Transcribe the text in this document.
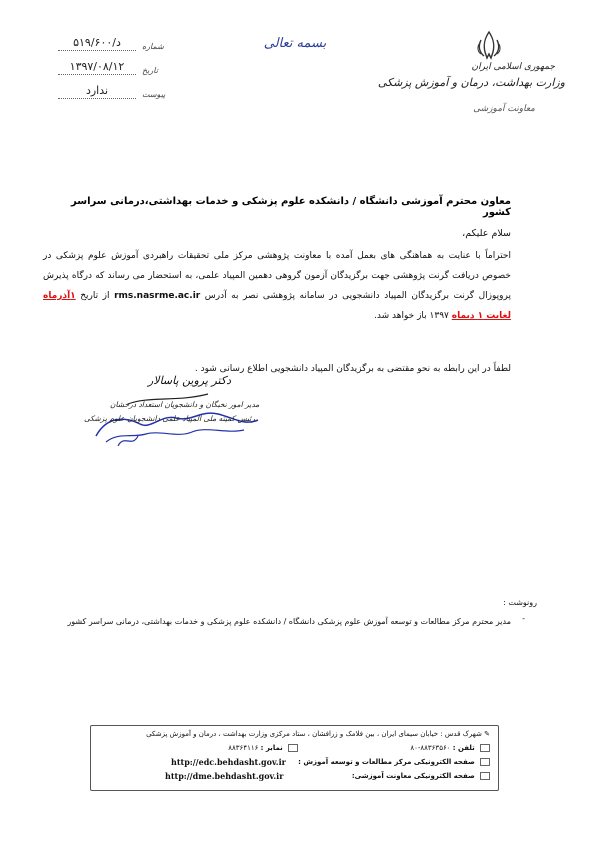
د/۵۱۹/۶۰۰	شماره
۱۳۹۷/۰۸/۱۲	تاریخ
ندارد	پیوست
بسمه تعالی
جمهوری اسلامی ایران
وزارت بهداشت، درمان و آموزش پزشکی
معاونت آموزشی
معاون محترم آموزشی دانشگاه / دانشکده علوم پزشکی و خدمات بهداشتی،درمانی سراسر کشور
سلام علیکم،
احتراماً با عنایت به هماهنگی های بعمل آمده با معاونت پژوهشی مرکز ملی تحقیقات راهبردی آموزش علوم پزشکی در خصوص دریافت گرنت پژوهشی جهت برگزیدگان آزمون گروهی دهمین المپیاد علمی، به استحضار می رساند که درگاه پذیرش پروپوزال گرنت برگزیدگان المپیاد دانشجویی در سامانه پژوهشی نصر به آدرس rms.nasrme.ac.ir از تاریخ ۱آذرماه لغایت ۱ دیماه ۱۳۹۷ باز خواهد شد.
لطفاً در این رابطه به نحو مقتضی به برگزیدگان المپیاد دانشجویی اطلاع رسانی شود .
دکتر پروین پاسالار
مدیر امور نخبگان و دانشجویان استعداد درخشان
رئیس کمیته ملی المپیاد علمی دانشجویان علوم پزشکی
رونوشت :
-
مدیر محترم مرکز مطالعات و توسعه آموزش علوم پزشکی دانشگاه / دانشکده علوم پزشکی و خدمات بهداشتی، درمانی سراسر کشور
✎ شهرک قدس : خیابان سیمای ایران ، بین فلامک و زرافشان ، ستاد مرکزی وزارت بهداشت ، درمان و آموزش پزشکی
تلفن : ۸۸۳۶۳۵۶۰-۸۰
نمابر : ۸۸۳۶۴۱۱۶
صفحه الکترونیکی مرکز مطالعات و توسعه آموزش :
http://edc.behdasht.gov.ir
صفحه الکترونیکی معاونت آموزشی:
http://dme.behdasht.gov.ir
